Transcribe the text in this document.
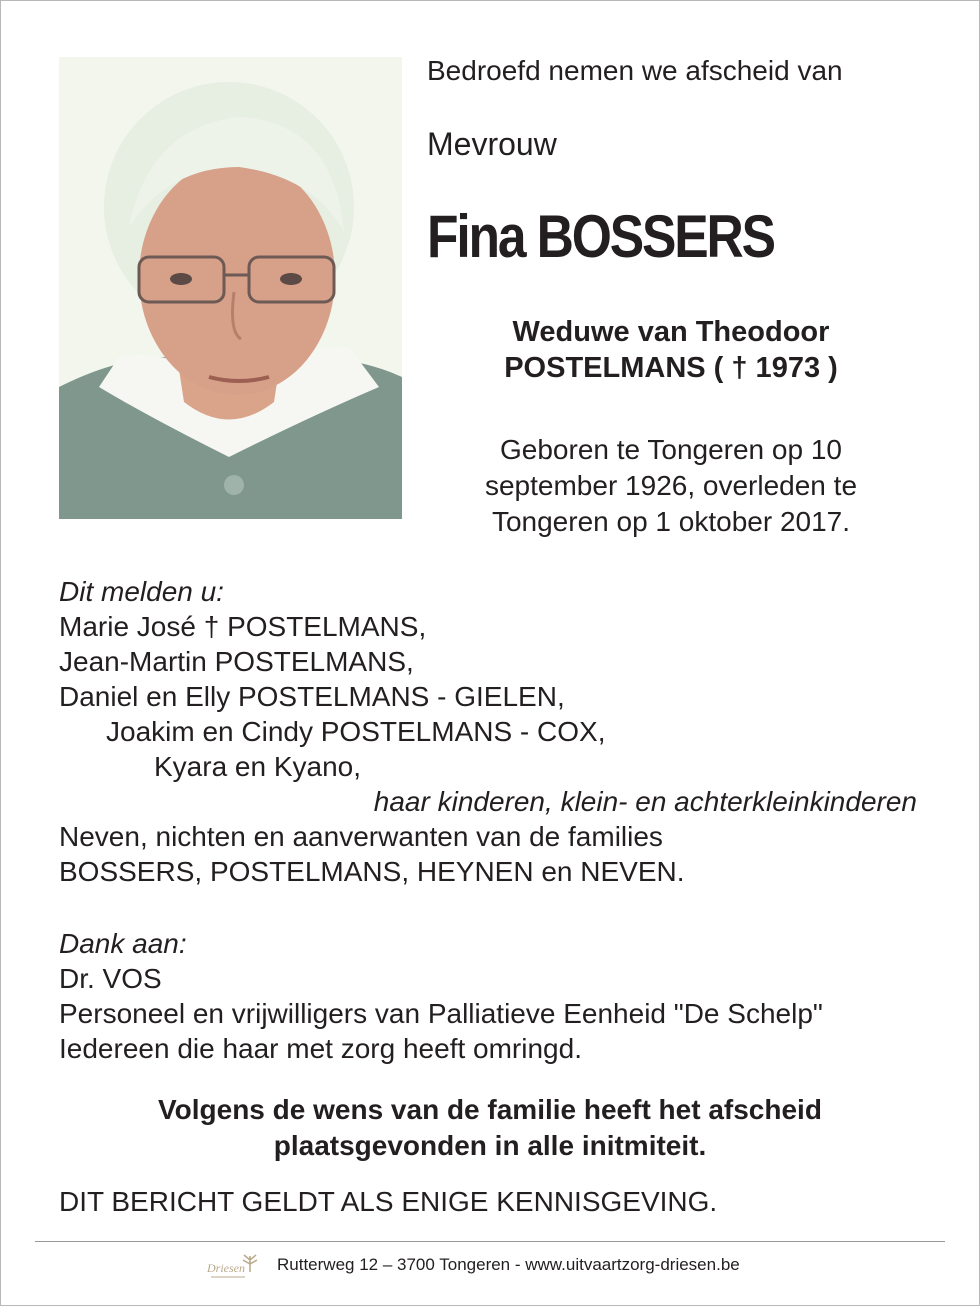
Bedroefd nemen we afscheid van
Mevrouw
Fina BOSSERS
Weduwe van Theodoor
POSTELMANS ( † 1973 )
Geboren te Tongeren op 10
september 1926, overleden te
Tongeren op 1 oktober 2017.
Dit melden u:
Marie José † POSTELMANS,
Jean-Martin POSTELMANS,
Daniel en Elly POSTELMANS - GIELEN,
Joakim en Cindy POSTELMANS - COX,
Kyara en Kyano,
haar kinderen, klein- en achterkleinkinderen
Neven, nichten en aanverwanten van de families
BOSSERS, POSTELMANS, HEYNEN en NEVEN.
Dank aan:
Dr. VOS
Personeel en vrijwilligers van Palliatieve Eenheid "De Schelp"
Iedereen die haar met zorg heeft omringd.
Volgens de wens van de familie heeft het afscheid
plaatsgevonden in alle initmiteit.
DIT BERICHT GELDT ALS ENIGE KENNISGEVING.
Driesen Rutterweg 12 – 3700 Tongeren - www.uitvaartzorg-driesen.be
